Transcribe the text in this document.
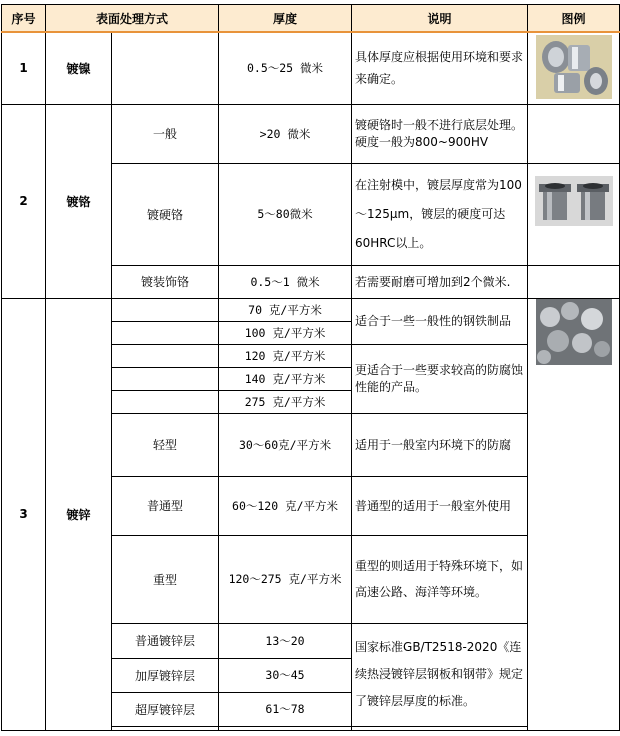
序号	表面处理方式		厚度	说明	图例
1	镀镍		0.5～25 微米	具体厚度应根据使用环境和要求来确定。	
2	镀铬	一般	>20 微米	镀硬铬时一般不进行底层处理。硬度一般为800~900HV	
		镀硬铬	5～80微米	在注射模中，镀层厚度常为100～125μm，镀层的硬度可达60HRC以上。	
		镀装饰铬	0.5～1 微米	若需要耐磨可增加到2个微米.	
3	镀锌		70 克/平方米	适合于一些一般性的钢铁制品	
			100 克/平方米		
			120 克/平方米	更适合于一些要求较高的防腐蚀性能的产品。	
			140 克/平方米		
			275 克/平方米		
		轻型	30～60克/平方米	适用于一般室内环境下的防腐	
		普通型	60～120 克/平方米	普通型的适用于一般室外使用	
		重型	120～275 克/平方米	重型的则适用于特殊环境下，如高速公路、海洋等环境。	
		普通镀锌层	13～20	国家标准GB/T2518-2020《连续热浸镀锌层钢板和钢带》规定了镀锌层厚度的标准。	
		加厚镀锌层	30～45		
		超厚镀锌层	61～78		
